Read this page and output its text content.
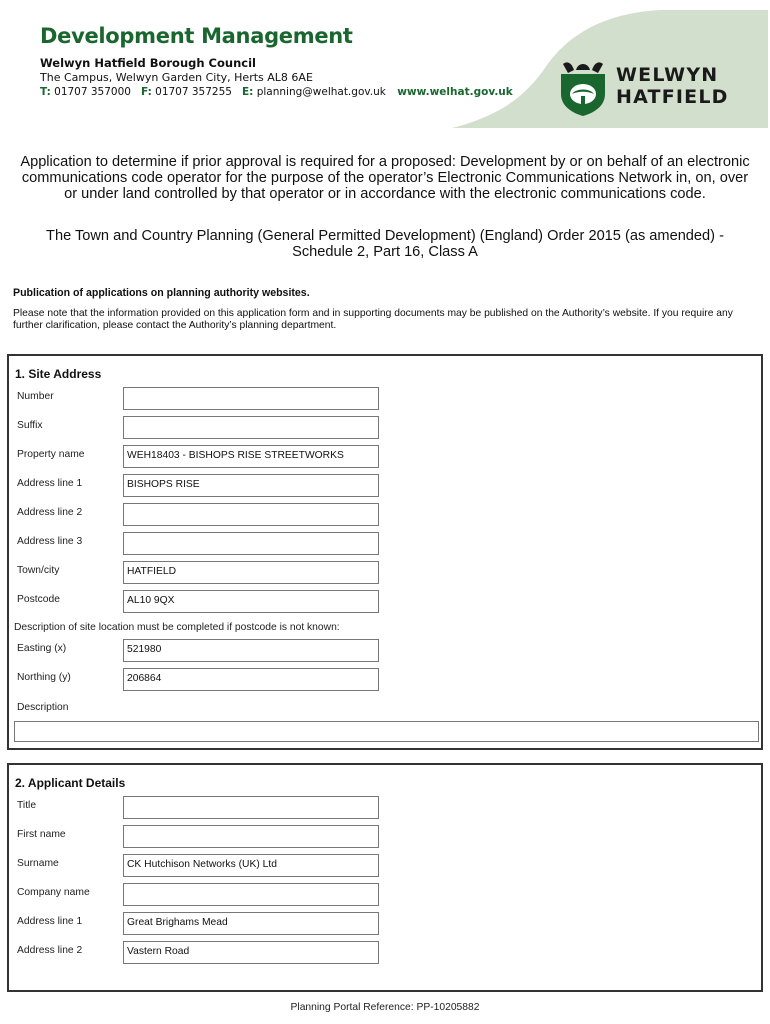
Development Management
Welwyn Hatfield Borough Council
The Campus, Welwyn Garden City, Herts AL8 6AE
T: 01707 357000 F: 01707 357255 E: planning@welhat.gov.uk www.welhat.gov.uk
WELWYN
HATFIELD
Application to determine if prior approval is required for a proposed: Development by or on behalf of an electronic communications code operator for the purpose of the operator’s Electronic Communications Network in, on, over or under land controlled by that operator or in accordance with the electronic communications code.
The Town and Country Planning (General Permitted Development) (England) Order 2015 (as amended) - Schedule 2, Part 16, Class A
Publication of applications on planning authority websites.
Please note that the information provided on this application form and in supporting documents may be published on the Authority’s website. If you require any further clarification, please contact the Authority’s planning department.
1. Site Address
Number
Suffix
Property name	WEH18403 - BISHOPS RISE STREETWORKS
Address line 1	BISHOPS RISE
Address line 2
Address line 3
Town/city	HATFIELD
Postcode	AL10 9QX
Description of site location must be completed if postcode is not known:
Easting (x)	521980
Northing (y)	206864
Description
2. Applicant Details
Title
First name
Surname	CK Hutchison Networks (UK) Ltd
Company name
Address line 1	Great Brighams Mead
Address line 2	Vastern Road
Planning Portal Reference: PP-10205882
